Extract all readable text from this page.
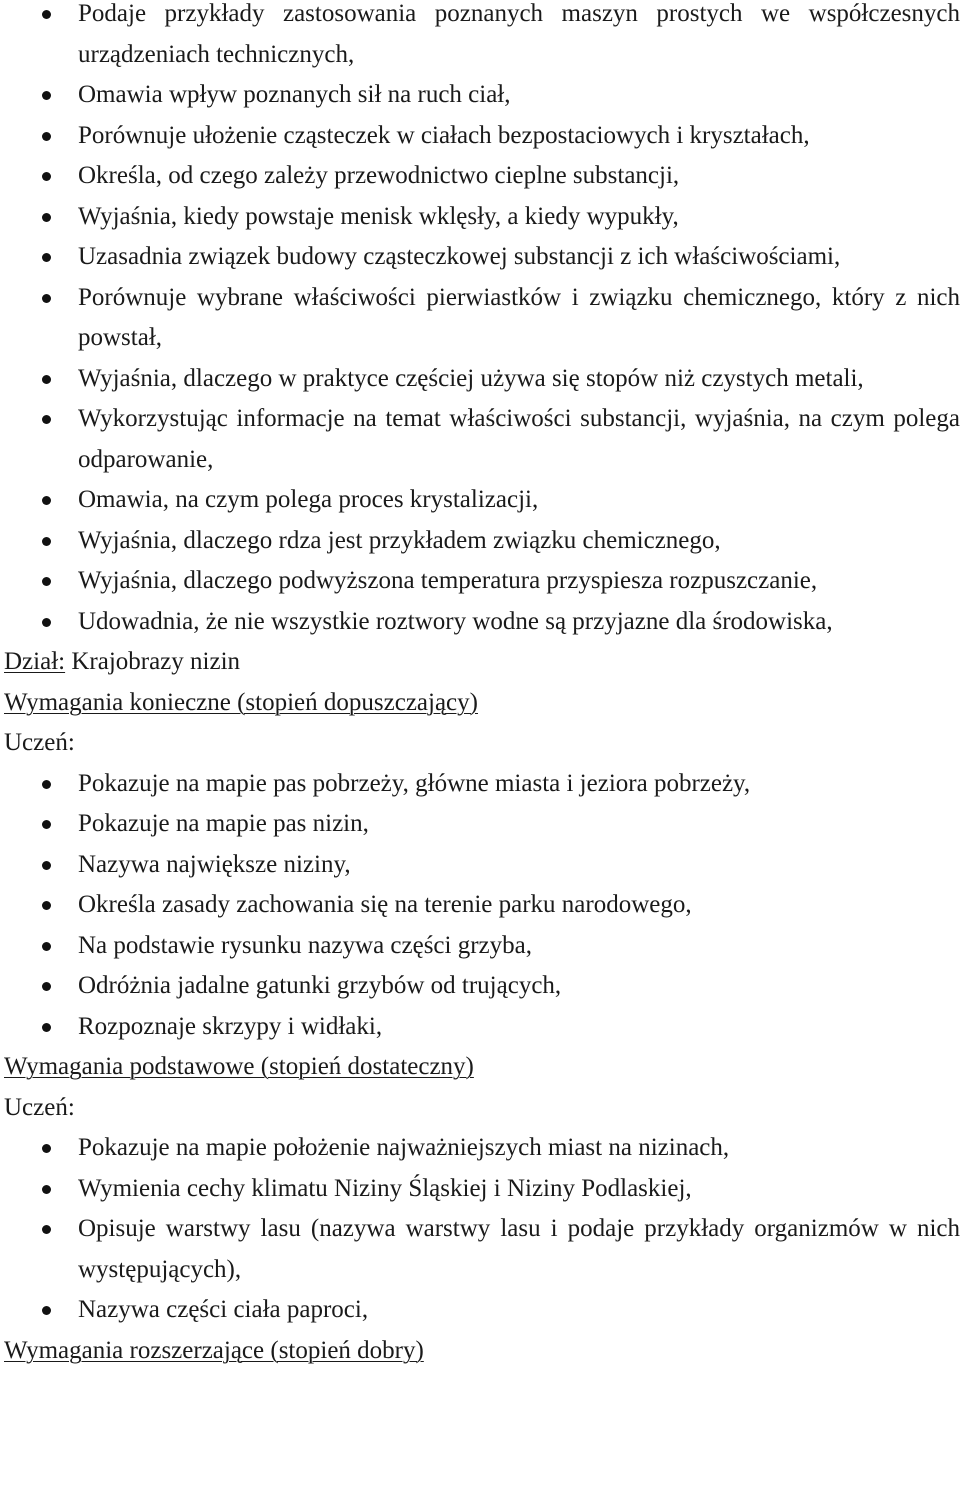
Podaje przykłady zastosowania poznanych maszyn prostych we współczesnych urządzeniach technicznych,
Omawia wpływ poznanych sił na ruch ciał,
Porównuje ułożenie cząsteczek w ciałach bezpostaciowych i kryształach,
Określa, od czego zależy przewodnictwo cieplne substancji,
Wyjaśnia, kiedy powstaje menisk wklęsły, a kiedy wypukły,
Uzasadnia związek budowy cząsteczkowej substancji z ich właściwościami,
Porównuje wybrane właściwości pierwiastków i związku chemicznego, który z nich powstał,
Wyjaśnia, dlaczego w praktyce częściej używa się stopów niż czystych metali,
Wykorzystując informacje na temat właściwości substancji, wyjaśnia, na czym polega odparowanie,
Omawia, na czym polega proces krystalizacji,
Wyjaśnia, dlaczego rdza jest przykładem związku chemicznego,
Wyjaśnia, dlaczego podwyższona temperatura przyspiesza rozpuszczanie,
Udowadnia, że nie wszystkie roztwory wodne są przyjazne dla środowiska,
Dział: Krajobrazy nizin
Wymagania konieczne (stopień dopuszczający)
Uczeń:
Pokazuje na mapie pas pobrzeży, główne miasta i jeziora pobrzeży,
Pokazuje na mapie pas nizin,
Nazywa największe niziny,
Określa zasady zachowania się na terenie parku narodowego,
Na podstawie rysunku nazywa części grzyba,
Odróżnia jadalne gatunki grzybów od trujących,
Rozpoznaje skrzypy i widłaki,
Wymagania podstawowe (stopień dostateczny)
Uczeń:
Pokazuje na mapie położenie najważniejszych miast na nizinach,
Wymienia cechy klimatu Niziny Śląskiej i Niziny Podlaskiej,
Opisuje warstwy lasu (nazywa warstwy lasu i podaje przykłady organizmów w nich występujących),
Nazywa części ciała paproci,
Wymagania rozszerzające (stopień dobry)
